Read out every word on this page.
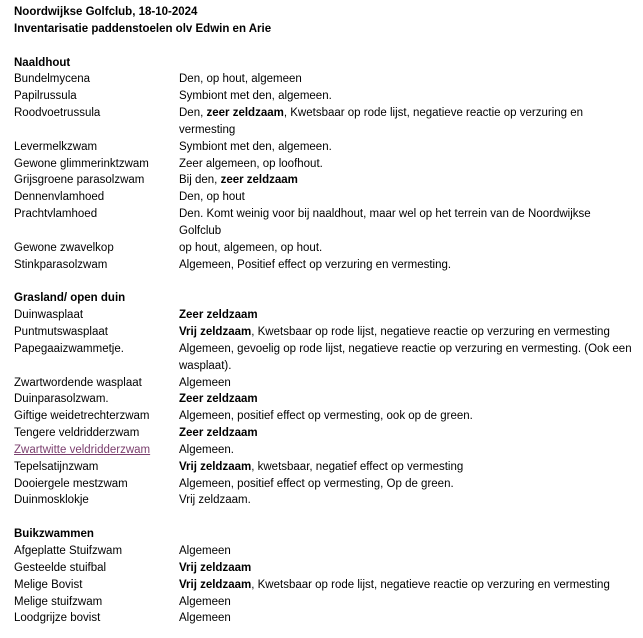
Noordwijkse Golfclub, 18-10-2024
Inventarisatie paddenstoelen olv Edwin en Arie
Naaldhout
Bundelmycena	Den, op hout, algemeen
Papilrussula	Symbiont met den, algemeen.
Roodvoetrussula	Den, zeer zeldzaam, Kwetsbaar op rode lijst, negatieve reactie op verzuring en vermesting
Levermelkzwam	Symbiont met den, algemeen.
Gewone glimmerinktzwam	Zeer algemeen, op loofhout.
Grijsgroene parasolzwam	Bij den, zeer zeldzaam
Dennenvlamhoed	Den, op hout
Prachtvlamhoed	Den. Komt weinig voor bij naaldhout, maar wel op het terrein van de Noordwijkse Golfclub
Gewone zwavelkop	op hout, algemeen, op hout.
Stinkparasolzwam	Algemeen, Positief effect op verzuring en vermesting.
Grasland/ open duin
Duinwasplaat	Zeer zeldzaam
Puntmutswasplaat	Vrij zeldzaam, Kwetsbaar op rode lijst, negatieve reactie op verzuring en vermesting
Papegaaizwammetje.	Algemeen, gevoelig op rode lijst, negatieve reactie op verzuring en vermesting. (Ook een wasplaat).
Zwartwordende wasplaat	Algemeen
Duinparasolzwam.	Zeer zeldzaam
Giftige weidetrechterzwam	Algemeen, positief effect op vermesting, ook op de green.
Tengere veldridderzwam	Zeer zeldzaam
Zwartwitte veldridderzwam	Algemeen.
Tepelsatijnzwam	Vrij zeldzaam, kwetsbaar, negatief effect op vermesting
Dooiergele mestzwam	Algemeen, positief effect op vermesting, Op de green.
Duinmosklokje	Vrij zeldzaam.
Buikzwammen
Afgeplatte Stuifzwam	Algemeen
Gesteelde stuifbal	Vrij zeldzaam
Melige Bovist	Vrij zeldzaam, Kwetsbaar op rode lijst, negatieve reactie op verzuring en vermesting
Melige stuifzwam	Algemeen
Loodgrijze bovist	Algemeen
